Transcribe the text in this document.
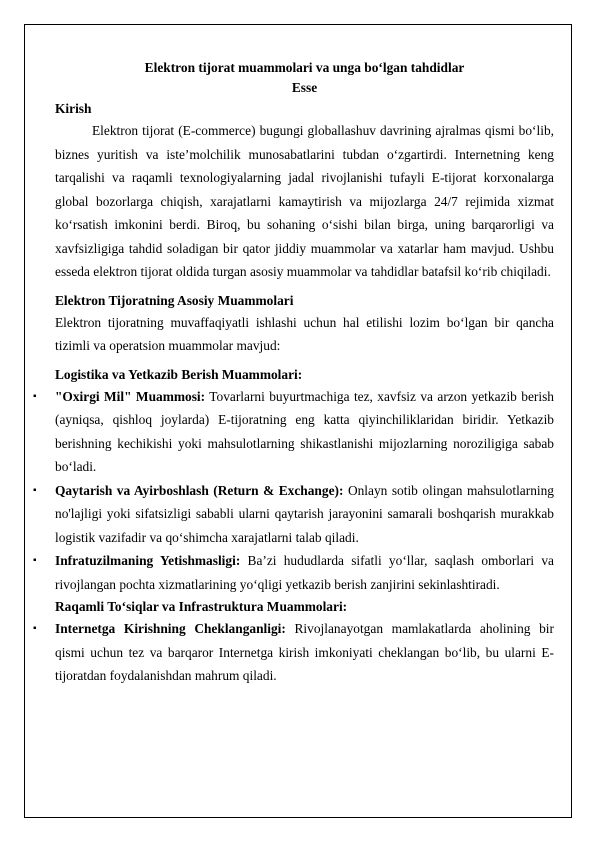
Elektron tijorat muammolari va unga bo‘lgan tahdidlar

Esse

Kirish

Elektron tijorat (E-commerce) bugungi globallashuv davrining ajralmas qismi bo‘lib, biznes yuritish va iste’molchilik munosabatlarini tubdan o‘zgartirdi. Internetning keng tarqalishi va raqamli texnologiyalarning jadal rivojlanishi tufayli E-tijorat korxonalarga global bozorlarga chiqish, xarajatlarni kamaytirish va mijozlarga 24/7 rejimida xizmat ko‘rsatish imkonini berdi. Biroq, bu sohaning o‘sishi bilan birga, uning barqarorligi va xavfsizligiga tahdid soladigan bir qator jiddiy muammolar va xatarlar ham mavjud. Ushbu esseda elektron tijorat oldida turgan asosiy muammolar va tahdidlar batafsil ko‘rib chiqiladi.

Elektron Tijoratning Asosiy Muammolari

Elektron tijoratning muvaffaqiyatli ishlashi uchun hal etilishi lozim bo‘lgan bir qancha tizimli va operatsion muammolar mavjud:

Logistika va Yetkazib Berish Muammolari:

▪ "Oxirgi Mil" Muammosi: Tovarlarni buyurtmachiga tez, xavfsiz va arzon yetkazib berish (ayniqsa, qishloq joylarda) E-tijoratning eng katta qiyinchiliklaridan biridir. Yetkazib berishning kechikishi yoki mahsulotlarning shikastlanishi mijozlarning noroziligiga sabab bo‘ladi.
▪ Qaytarish va Ayirboshlash (Return & Exchange): Onlayn sotib olingan mahsulotlarning no'lajligi yoki sifatsizligi sababli ularni qaytarish jarayonini samarali boshqarish murakkab logistik vazifadir va qo‘shimcha xarajatlarni talab qiladi.
▪ Infratuzilmaning Yetishmasligi: Ba’zi hududlarda sifatli yo‘llar, saqlash omborlari va rivojlangan pochta xizmatlarining yo‘qligi yetkazib berish zanjirini sekinlashtiradi.

Raqamli To‘siqlar va Infrastruktura Muammolari:

▪ Internetga Kirishning Cheklanganligi: Rivojlanayotgan mamlakatlarda aholining bir qismi uchun tez va barqaror Internetga kirish imkoniyati cheklangan bo‘lib, bu ularni E-tijoratdan foydalanishdan mahrum qiladi.
